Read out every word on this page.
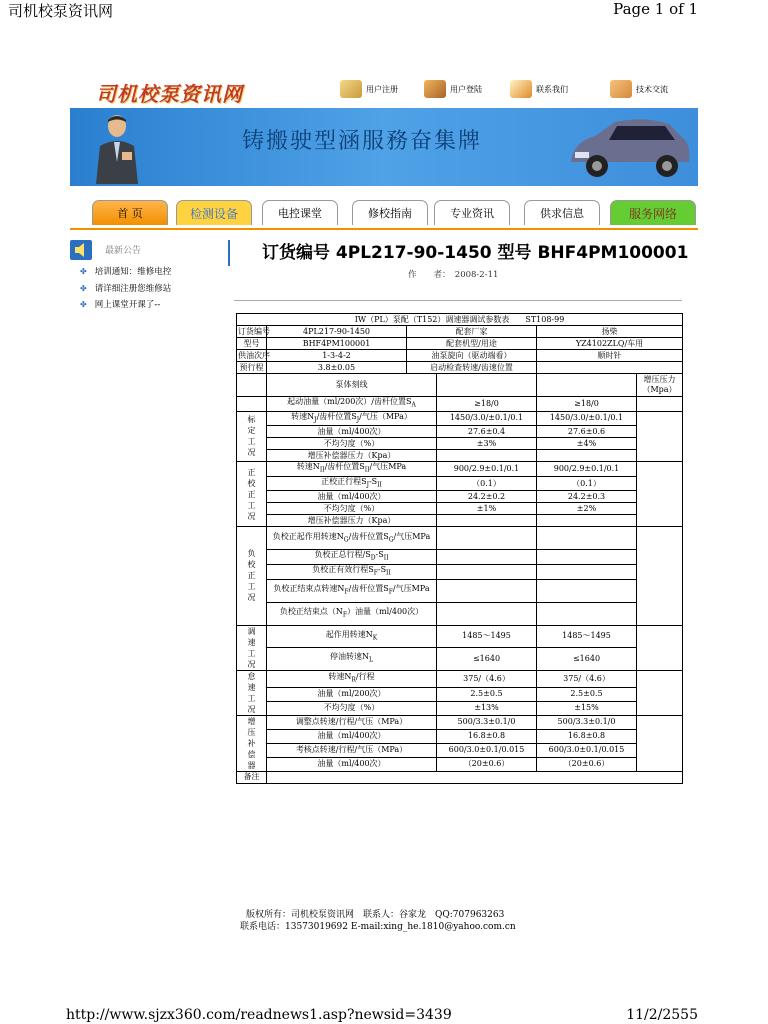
司机校泵资讯网	Page 1 of 1
http://www.sjzx360.com/readnews1.asp?newsid=3439	11/2/2555
司机校泵资讯网	用户注册	用户登陆	联系我们	技术交流
铸搬驶型涵服務奋集牌
首 页	检测设备	电控课堂	修校指南	专业资讯	供求信息	服务网络
最新公告
✤ 培训通知：维修电控
✤ 请详细注册您维修站
✤ 网上课堂开课了--
订货编号 4PL217-90-1450 型号 BHF4PM100001
作　　者：　 2008-2-11
IW（PL）泵配（T152）调速器调试参数表　　ST108-99					
订货编号	4PL217-90-1450	配套厂家		扬柴	
型号	BHF4PM100001	配套机型/用途		YZ4102ZLQ/车用	
供油次序	1-3-4-2	油泵旋向（驱动端看）		顺时针	
预行程	3.8±0.05	启动检查转速/齿速位置			
	泵体刻线				增压压力（Mpa）
	起动油量（ml/200次）/齿杆位置$S_A$		≥18/0	≥18/0	
标定工况	转速$N_J/$齿杆位置$S_J/$气压（MPa）		1450/3.0/±0.1/0.1	1450/3.0/±0.1/0.1	
	油量（ml/400次）		27.6±0.4	27.6±0.6	
	不均匀度（%）		±3%	±4%	
	增压补偿器压力（Kpa）				
正校正工况	转速$N_{II}/$齿杆位置$S_{II}/$气压MPa		900/2.9±0.1/0.1	900/2.9±0.1/0.1	
	正校正行程$S_J-S_{II}$		（0.1）	（0.1）	
	油量（ml/400次）		24.2±0.2	24.2±0.3	
	不均匀度（%）		±1%	±2%	
	增压补偿器压力（Kpa）				
负校正工况	负校正起作用转速$N_G/$齿杆位置$S_G/$气压MPa				
	负校正总行程$/S_D-S_{II}$		
	负校正有效行程$S_F-S_{II}$		
	负校正结束点转速$N_F/$齿杆位置$S_F/$气压MPa				
	负校正结束点$(N_F)$油量（ml/400次）				
调速工况	起作用转速$N_K$		1485～1495	1485～1495	
	停油转速$N_L$		≤1640	≤1640	
怠速工况	转速$N_R/$行程		375/（4.6）	375/（4.6）	
	油量（ml/200次）		2.5±0.5	2.5±0.5	
	不均匀度（%）		±13%	±15%	
增压补偿器	调整点转速/行程/气压（MPa）		500/3.3±0.1/0	500/3.3±0.1/0	
	油量（ml/400次）		16.8±0.8	16.8±0.8	
	考核点转速/行程/气压（MPa）		600/3.0±0.1/0.015	600/3.0±0.1/0.015	
	油量（ml/400次）		（20±0.6）	（20±0.6）	
备注					
版权所有：司机校泵资讯网　联系人：谷家龙　QQ:707963263
联系电话：13573019692 E-mail:xing_he.1810@yahoo.com.cn
